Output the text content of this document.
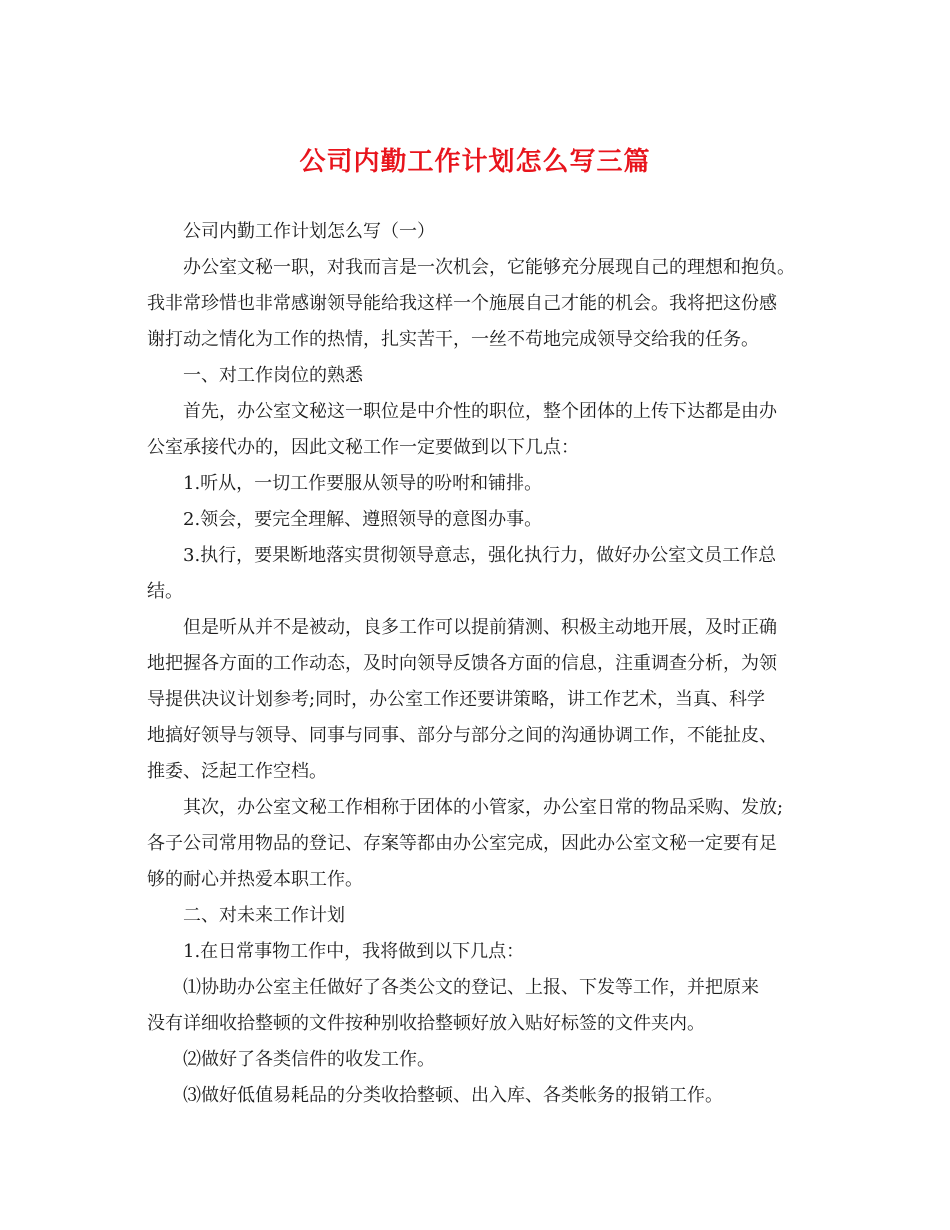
公司内勤工作计划怎么写三篇

公司内勤工作计划怎么写（一）

办公室文秘一职，对我而言是一次机会，它能够充分展现自己的理想和抱负。

我非常珍惜也非常感谢领导能给我这样一个施展自己才能的机会。我将把这份感

谢打动之情化为工作的热情，扎实苦干，一丝不苟地完成领导交给我的任务。

一、对工作岗位的熟悉

首先，办公室文秘这一职位是中介性的职位，整个团体的上传下达都是由办

公室承接代办的，因此文秘工作一定要做到以下几点：

1.听从，一切工作要服从领导的吩咐和铺排。

2.领会，要完全理解、遵照领导的意图办事。

3.执行，要果断地落实贯彻领导意志，强化执行力，做好办公室文员工作总

结。

但是听从并不是被动，良多工作可以提前猜测、积极主动地开展，及时正确

地把握各方面的工作动态，及时向领导反馈各方面的信息，注重调查分析，为领

导提供决议计划参考;同时，办公室工作还要讲策略，讲工作艺术，当真、科学

地搞好领导与领导、同事与同事、部分与部分之间的沟通协调工作，不能扯皮、

推委、泛起工作空档。

其次，办公室文秘工作相称于团体的小管家，办公室日常的物品采购、发放;

各子公司常用物品的登记、存案等都由办公室完成，因此办公室文秘一定要有足

够的耐心并热爱本职工作。

二、对未来工作计划

1.在日常事物工作中，我将做到以下几点：

⑴协助办公室主任做好了各类公文的登记、上报、下发等工作，并把原来

没有详细收拾整顿的文件按种别收拾整顿好放入贴好标签的文件夹内。

⑵做好了各类信件的收发工作。

⑶做好低值易耗品的分类收拾整顿、出入库、各类帐务的报销工作。
